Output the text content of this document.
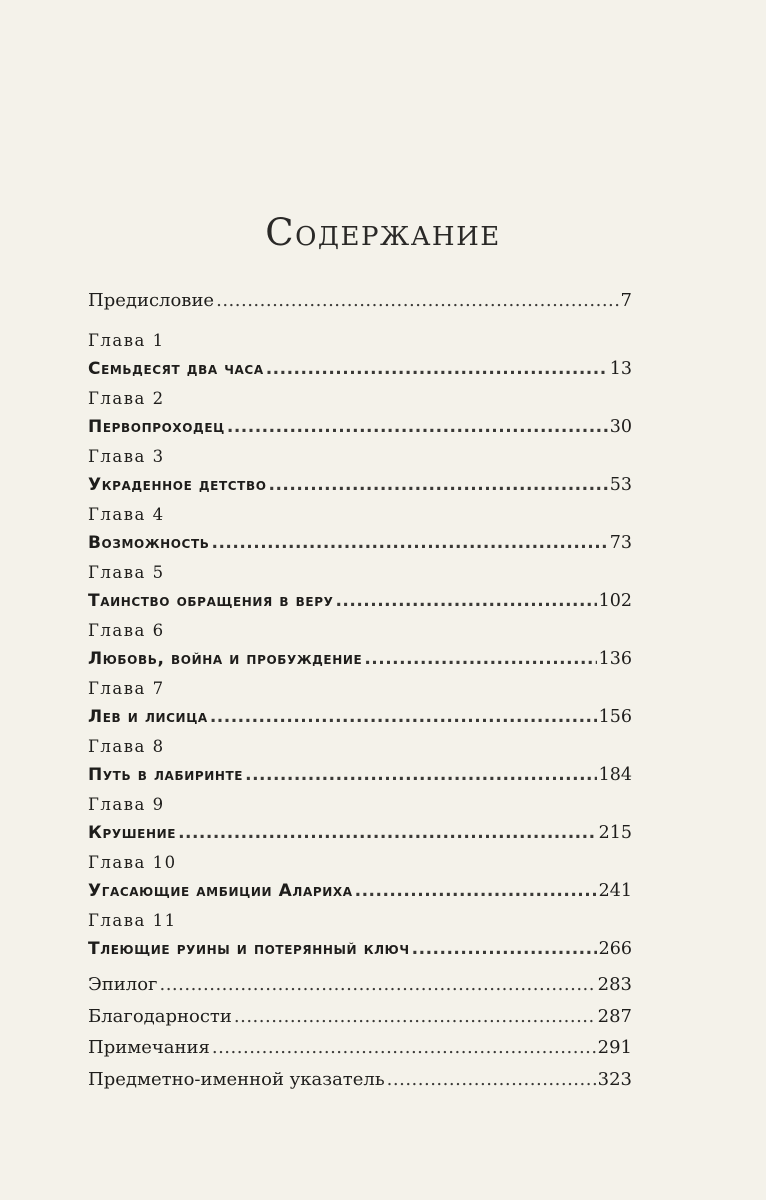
Содержание
Предисловие .....	7
Глава 1
Семьдесят два часа .....	13
Глава 2
Первопроходец .....	30
Глава 3
Украденное детство .....	53
Глава 4
Возможность .....	73
Глава 5
Таинство обращения в веру .....	102
Глава 6
Любовь, война и пробуждение .....	136
Глава 7
Лев и лисица .....	156
Глава 8
Путь в лабиринте .....	184
Глава 9
Крушение .....	215
Глава 10
Угасающие амбиции Алариха .....	241
Глава 11
Тлеющие руины и потерянный ключ .....	266
Эпилог .....	283
Благодарности .....	287
Примечания .....	291
Предметно-именной указатель .....	323
